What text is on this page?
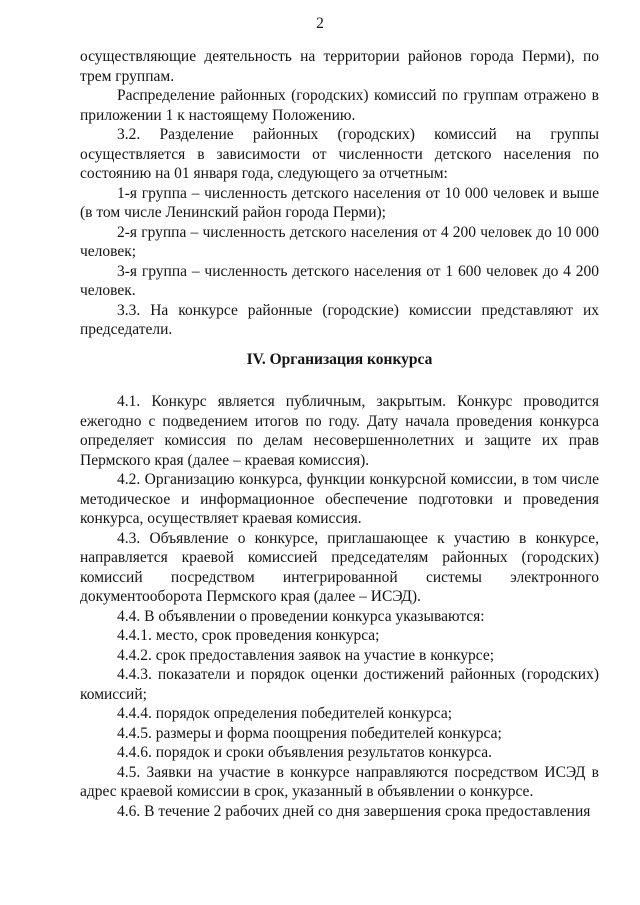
2

осуществляющие деятельность на территории районов города Перми), по трем группам.

Распределение районных (городских) комиссий по группам отражено в приложении 1 к настоящему Положению.

3.2. Разделение районных (городских) комиссий на группы осуществляется в зависимости от численности детского населения по состоянию на 01 января года, следующего за отчетным:

1-я группа – численность детского населения от 10 000 человек и выше (в том числе Ленинский район города Перми);

2-я группа – численность детского населения от 4 200 человек до 10 000 человек;

3-я группа – численность детского населения от 1 600 человек до 4 200 человек.

3.3. На конкурсе районные (городские) комиссии представляют их председатели.

IV. Организация конкурса

4.1. Конкурс является публичным, закрытым. Конкурс проводится ежегодно с подведением итогов по году. Дату начала проведения конкурса определяет комиссия по делам несовершеннолетних и защите их прав Пермского края (далее – краевая комиссия).

4.2. Организацию конкурса, функции конкурсной комиссии, в том числе методическое и информационное обеспечение подготовки и проведения конкурса, осуществляет краевая комиссия.

4.3. Объявление о конкурсе, приглашающее к участию в конкурсе, направляется краевой комиссией председателям районных (городских) комиссий посредством интегрированной системы электронного документооборота Пермского края (далее – ИСЭД).

4.4. В объявлении о проведении конкурса указываются:

4.4.1. место, срок проведения конкурса;

4.4.2. срок предоставления заявок на участие в конкурсе;

4.4.3. показатели и порядок оценки достижений районных (городских) комиссий;

4.4.4. порядок определения победителей конкурса;

4.4.5. размеры и форма поощрения победителей конкурса;

4.4.6. порядок и сроки объявления результатов конкурса.

4.5. Заявки на участие в конкурсе направляются посредством ИСЭД в адрес краевой комиссии в срок, указанный в объявлении о конкурсе.

4.6. В течение 2 рабочих дней со дня завершения срока предоставления
